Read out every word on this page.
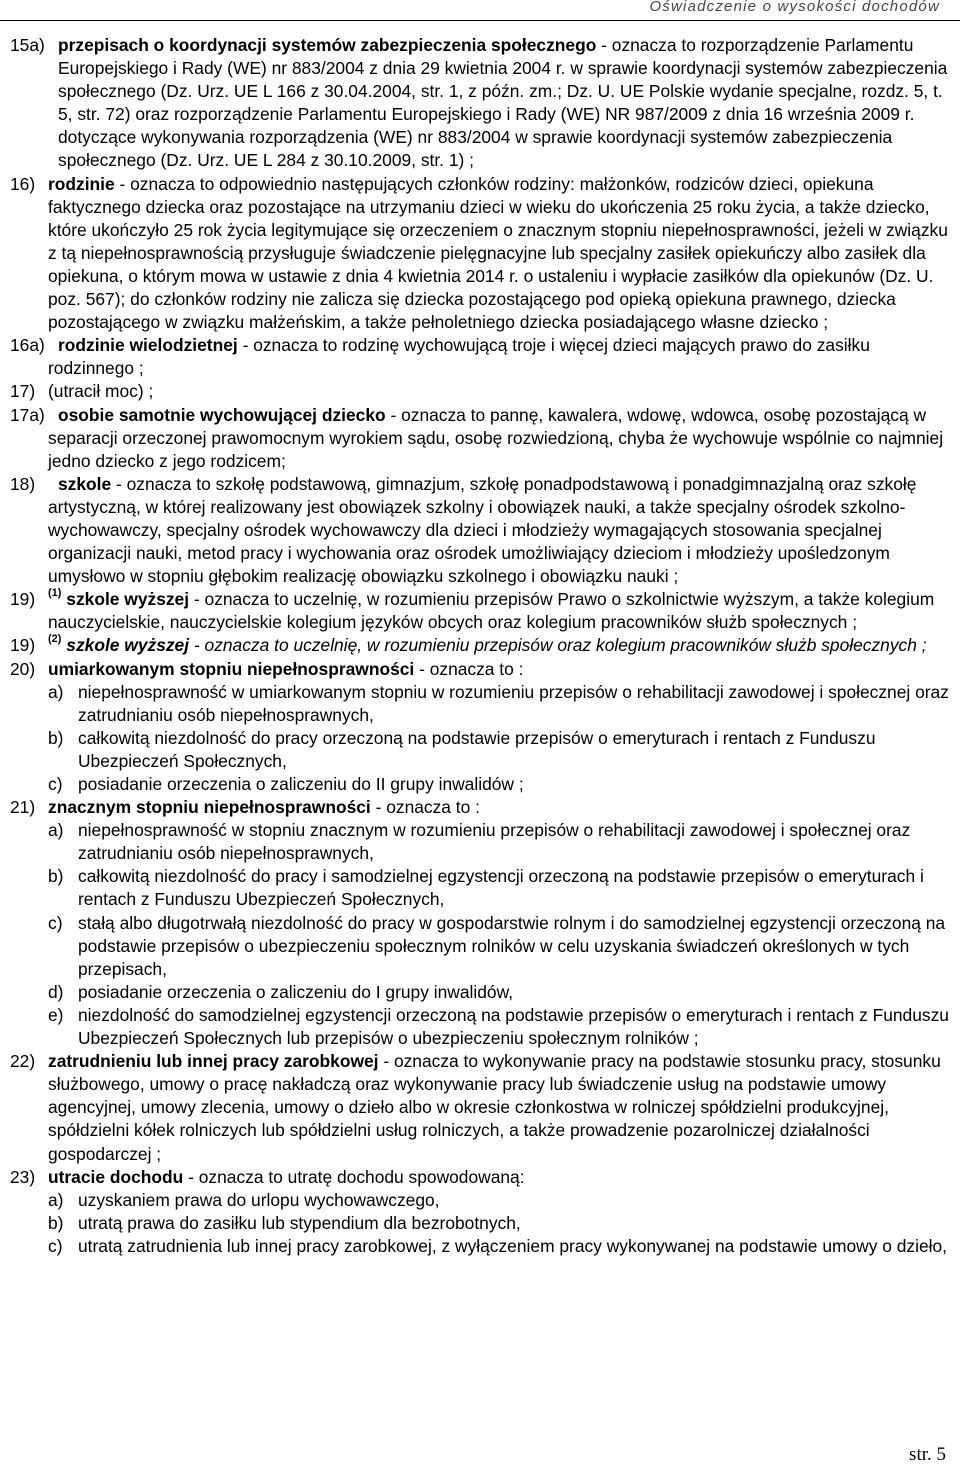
Oświadczenie o wysokości dochodów
15a) przepisach o koordynacji systemów zabezpieczenia społecznego - oznacza to rozporządzenie Parlamentu Europejskiego i Rady (WE) nr 883/2004 z dnia 29 kwietnia 2004 r. w sprawie koordynacji systemów zabezpieczenia społecznego (Dz. Urz. UE L 166 z 30.04.2004, str. 1, z późn. zm.; Dz. U. UE Polskie wydanie specjalne, rozdz. 5, t. 5, str. 72) oraz rozporządzenie Parlamentu Europejskiego i Rady (WE) NR 987/2009 z dnia 16 września 2009 r. dotyczące wykonywania rozporządzenia (WE) nr 883/2004 w sprawie koordynacji systemów zabezpieczenia społecznego (Dz. Urz. UE L 284 z 30.10.2009, str. 1) ;
16) rodzinie - oznacza to odpowiednio następujących członków rodziny: małżonków, rodziców dzieci, opiekuna faktycznego dziecka oraz pozostające na utrzymaniu dzieci w wieku do ukończenia 25 roku życia, a także dziecko, które ukończyło 25 rok życia legitymujące się orzeczeniem o znacznym stopniu niepełnosprawności, jeżeli w związku z tą niepełnosprawnością przysługuje świadczenie pielęgnacyjne lub specjalny zasiłek opiekuńczy albo zasiłek dla opiekuna, o którym mowa w ustawie z dnia 4 kwietnia 2014 r. o ustaleniu i wypłacie zasiłków dla opiekunów (Dz. U. poz. 567); do członków rodziny nie zalicza się dziecka pozostającego pod opieką opiekuna prawnego, dziecka pozostającego w związku małżeńskim, a także pełnoletniego dziecka posiadającego własne dziecko ;
16a) rodzinie wielodzietnej - oznacza to rodzinę wychowującą troje i więcej dzieci mających prawo do zasiłku rodzinnego ;
17) (utracił moc) ;
17a) osobie samotnie wychowującej dziecko - oznacza to pannę, kawalera, wdowę, wdowca, osobę pozostającą w separacji orzeczonej prawomocnym wyrokiem sądu, osobę rozwiedzioną, chyba że wychowuje wspólnie co najmniej jedno dziecko z jego rodzicem;
18)	szkole - oznacza to szkołę podstawową, gimnazjum, szkołę ponadpodstawową i ponadgimnazjalną oraz szkołę artystyczną, w której realizowany jest obowiązek szkolny i obowiązek nauki, a także specjalny ośrodek szkolno-wychowawczy, specjalny ośrodek wychowawczy dla dzieci i młodzieży wymagających stosowania specjalnej organizacji nauki, metod pracy i wychowania oraz ośrodek umożliwiający dzieciom i młodzieży upośledzonym umysłowo w stopniu głębokim realizację obowiązku szkolnego i obowiązku nauki ;
19) $^{(1)}$ szkole wyższej - oznacza to uczelnię, w rozumieniu przepisów Prawo o szkolnictwie wyższym, a także kolegium nauczycielskie, nauczycielskie kolegium języków obcych oraz kolegium pracowników służb społecznych ;
19) $^{(2)}$ szkole wyższej - oznacza to uczelnię, w rozumieniu przepisów oraz kolegium pracowników służb społecznych ;
20) umiarkowanym stopniu niepełnosprawności - oznacza to :
a) niepełnosprawność w umiarkowanym stopniu w rozumieniu przepisów o rehabilitacji zawodowej i społecznej oraz zatrudnianiu osób niepełnosprawnych,
b) całkowitą niezdolność do pracy orzeczoną na podstawie przepisów o emeryturach i rentach z Funduszu Ubezpieczeń Społecznych,
c) posiadanie orzeczenia o zaliczeniu do II grupy inwalidów ;
21) znacznym stopniu niepełnosprawności - oznacza to :
a) niepełnosprawność w stopniu znacznym w rozumieniu przepisów o rehabilitacji zawodowej i społecznej oraz zatrudnianiu osób niepełnosprawnych,
b) całkowitą niezdolność do pracy i samodzielnej egzystencji orzeczoną na podstawie przepisów o emeryturach i rentach z Funduszu Ubezpieczeń Społecznych,
c) stałą albo długotrwałą niezdolność do pracy w gospodarstwie rolnym i do samodzielnej egzystencji orzeczoną na podstawie przepisów o ubezpieczeniu społecznym rolników w celu uzyskania świadczeń określonych w tych przepisach,
d) posiadanie orzeczenia o zaliczeniu do I grupy inwalidów,
e) niezdolność do samodzielnej egzystencji orzeczoną na podstawie przepisów o emeryturach i rentach z Funduszu Ubezpieczeń Społecznych lub przepisów o ubezpieczeniu społecznym rolników ;
22) zatrudnieniu lub innej pracy zarobkowej - oznacza to wykonywanie pracy na podstawie stosunku pracy, stosunku służbowego, umowy o pracę nakładczą oraz wykonywanie pracy lub świadczenie usług na podstawie umowy agencyjnej, umowy zlecenia, umowy o dzieło albo w okresie członkostwa w rolniczej spółdzielni produkcyjnej, spółdzielni kółek rolniczych lub spółdzielni usług rolniczych, a także prowadzenie pozarolniczej działalności gospodarczej ;
23) utracie dochodu - oznacza to utratę dochodu spowodowaną:
a) uzyskaniem prawa do urlopu wychowawczego,
b) utratą prawa do zasiłku lub stypendium dla bezrobotnych,
c) utratą zatrudnienia lub innej pracy zarobkowej, z wyłączeniem pracy wykonywanej na podstawie umowy o dzieło,
str. 5
